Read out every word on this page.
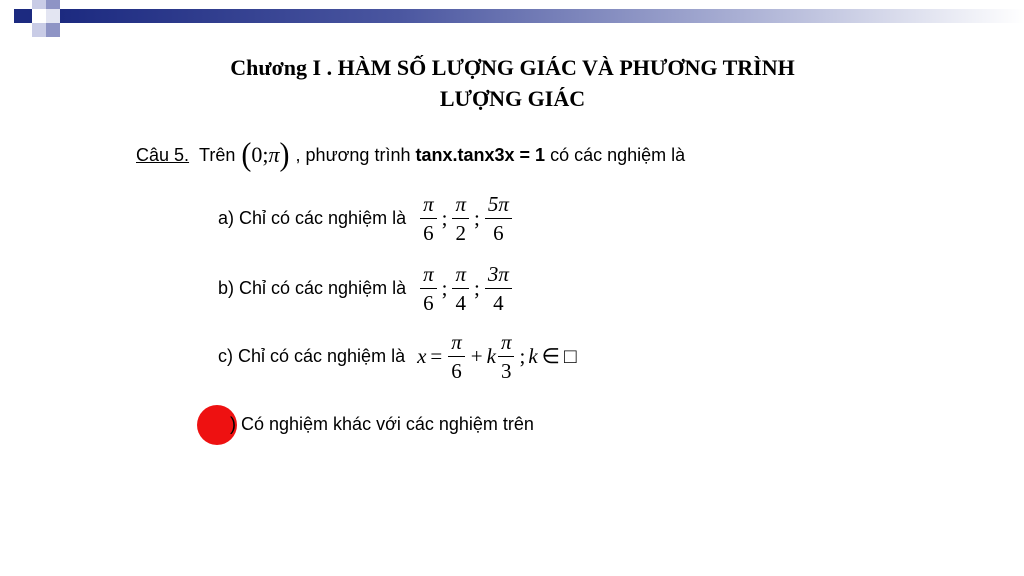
Chương I . HÀM SỐ LƯỢNG GIÁC VÀ PHƯƠNG TRÌNH
LƯỢNG GIÁC
Câu 5. Trên ( 0; π ) , phương trình
tanx.tanx3x = 1
có các nghiệm là
a) Chỉ có các nghiệm là $\frac{\pi}{6}$ ; $\frac{\pi}{2}$ ; $\frac{5\pi}{6}$
b) Chỉ có các nghiệm là $\frac{\pi}{6}$ ; $\frac{\pi}{4}$ ; $\frac{3\pi}{4}$
c) Chỉ có các nghiệm là $x = \frac{\pi}{6} + k \frac{\pi}{3}$ ; k ∈ □
) Có nghiệm khác với các nghiệm trên
